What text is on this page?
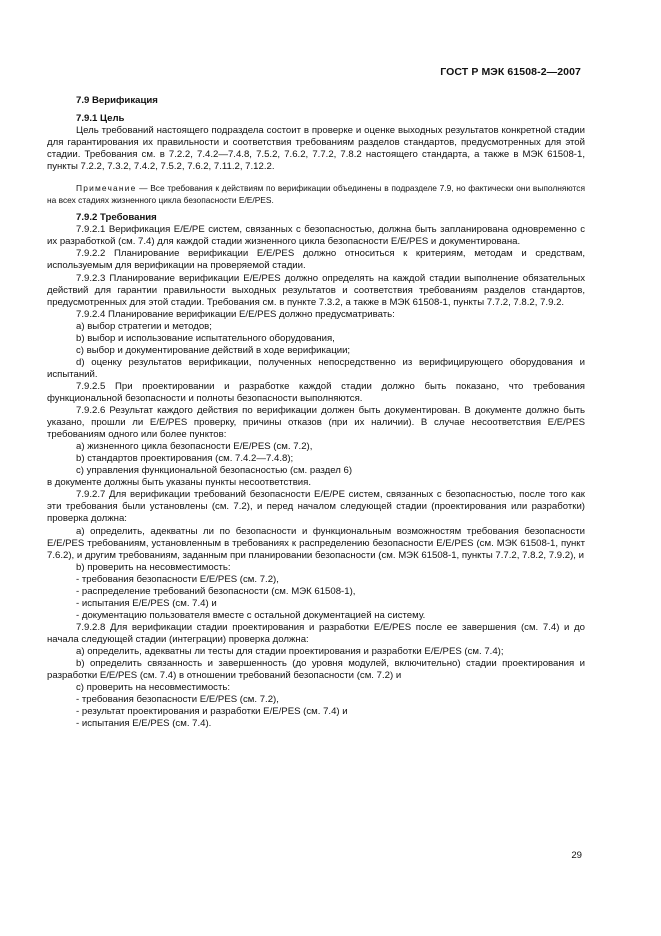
ГОСТ Р МЭК 61508-2—2007

7.9 Верификация

7.9.1 Цель

Цель требований настоящего подраздела состоит в проверке и оценке выходных результатов конкретной стадии для гарантирования их правильности и соответствия требованиям разделов стандартов, предусмотренных для этой стадии. Требования см. в 7.2.2, 7.4.2—7.4.8, 7.5.2, 7.6.2, 7.7.2, 7.8.2 настоящего стандарта, а также в МЭК 61508-1, пункты 7.2.2, 7.3.2, 7.4.2, 7.5.2, 7.6.2, 7.11.2, 7.12.2.

Примечание — Все требования к действиям по верификации объединены в подразделе 7.9, но фактически они выполняются на всех стадиях жизненного цикла безопасности E/E/PES.

7.9.2 Требования

7.9.2.1 Верификация E/E/PE систем, связанных с безопасностью, должна быть запланирована одновременно с их разработкой (см. 7.4) для каждой стадии жизненного цикла безопасности E/E/PES и документирована.

7.9.2.2 Планирование верификации E/E/PES должно относиться к критериям, методам и средствам, используемым для верификации на проверяемой стадии.

7.9.2.3 Планирование верификации E/E/PES должно определять на каждой стадии выполнение обязательных действий для гарантии правильности выходных результатов и соответствия требованиям разделов стандартов, предусмотренных для этой стадии. Требования см. в пункте 7.3.2, а также в МЭК 61508-1, пункты 7.7.2, 7.8.2, 7.9.2.

7.9.2.4 Планирование верификации E/E/PES должно предусматривать:

a) выбор стратегии и методов;

b) выбор и использование испытательного оборудования,

c) выбор и документирование действий в ходе верификации;

d) оценку результатов верификации, полученных непосредственно из верифицирующего оборудования и испытаний.

7.9.2.5 При проектировании и разработке каждой стадии должно быть показано, что требования функциональной безопасности и полноты безопасности выполняются.

7.9.2.6 Результат каждого действия по верификации должен быть документирован. В документе должно быть указано, прошли ли E/E/PES проверку, причины отказов (при их наличии). В случае несоответствия E/E/PES требованиям одного или более пунктов:

a) жизненного цикла безопасности E/E/PES (см. 7.2),

b) стандартов проектирования (см. 7.4.2—7.4.8);

c) управления функциональной безопасностью (см. раздел 6)

в документе должны быть указаны пункты несоответствия.

7.9.2.7 Для верификации требований безопасности E/E/PE систем, связанных с безопасностью, после того как эти требования были установлены (см. 7.2), и перед началом следующей стадии (проектирования или разработки) проверка должна:

a) определить, адекватны ли по безопасности и функциональным возможностям требования безопасности E/E/PES требованиям, установленным в требованиях к распределению безопасности E/E/PES (см. МЭК 61508-1, пункт 7.6.2), и другим требованиям, заданным при планировании безопасности (см. МЭК 61508-1, пункты 7.7.2, 7.8.2, 7.9.2), и

b) проверить на несовместимость:

- требования безопасности E/E/PES (см. 7.2),

- распределение требований безопасности (см. МЭК 61508-1),

- испытания E/E/PES (см. 7.4) и

- документацию пользователя вместе с остальной документацией на систему.

7.9.2.8 Для верификации стадии проектирования и разработки E/E/PES после ее завершения (см. 7.4) и до начала следующей стадии (интеграции) проверка должна:

a) определить, адекватны ли тесты для стадии проектирования и разработки E/E/PES (см. 7.4);

b) определить связанность и завершенность (до уровня модулей, включительно) стадии проектирования и разработки E/E/PES (см. 7.4) в отношении требований безопасности (см. 7.2) и

c) проверить на несовместимость:

- требования безопасности E/E/PES (см. 7.2),

- результат проектирования и разработки E/E/PES (см. 7.4) и

- испытания E/E/PES (см. 7.4).

29
